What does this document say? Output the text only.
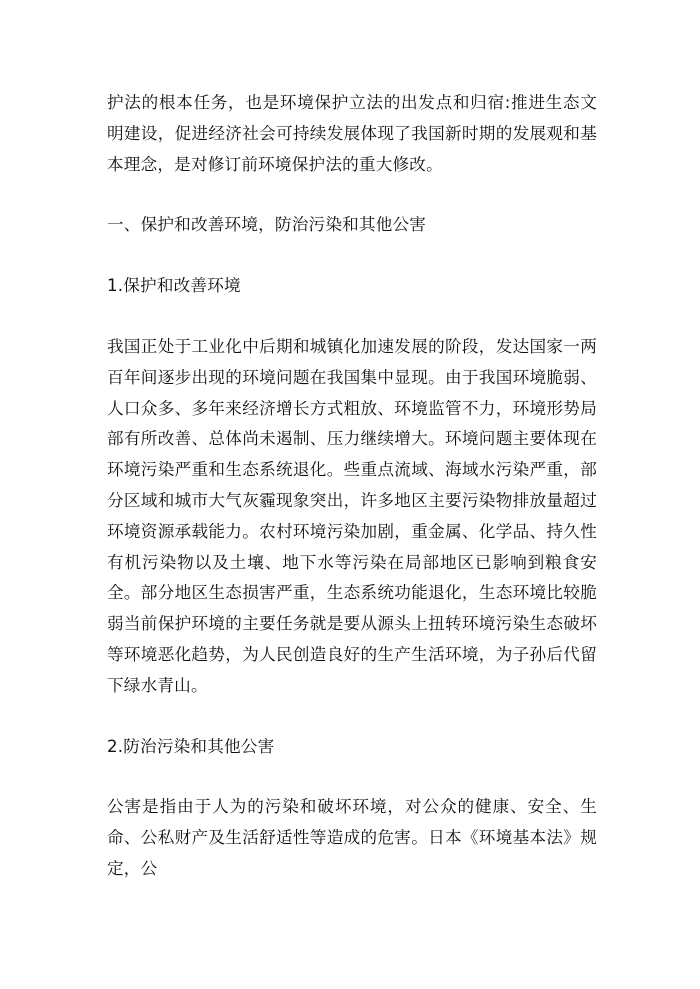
护法的根本任务，也是环境保护立法的出发点和归宿:推进生态文明建设，促进经济社会可持续发展体现了我国新时期的发展观和基本理念，是对修订前环境保护法的重大修改。

一、保护和改善环境，防治污染和其他公害

1.保护和改善环境

我国正处于工业化中后期和城镇化加速发展的阶段，发达国家一两百年间逐步出现的环境问题在我国集中显现。由于我国环境脆弱、人口众多、多年来经济增长方式粗放、环境监管不力，环境形势局部有所改善、总体尚未遏制、压力继续增大。环境问题主要体现在环境污染严重和生态系统退化。些重点流域、海域水污染严重，部分区域和城市大气灰霾现象突出，许多地区主要污染物排放量超过环境资源承载能力。农村环境污染加剧，重金属、化学品、持久性有机污染物以及土壤、地下水等污染在局部地区已影响到粮食安全。部分地区生态损害严重，生态系统功能退化，生态环境比较脆弱当前保护环境的主要任务就是要从源头上扭转环境污染生态破坏等环境恶化趋势，为人民创造良好的生产生活环境，为子孙后代留下绿水青山。

2.防治污染和其他公害

公害是指由于人为的污染和破坏环境，对公众的健康、安全、生命、公私财产及生活舒适性等造成的危害。日本《环境基本法》规定，公
